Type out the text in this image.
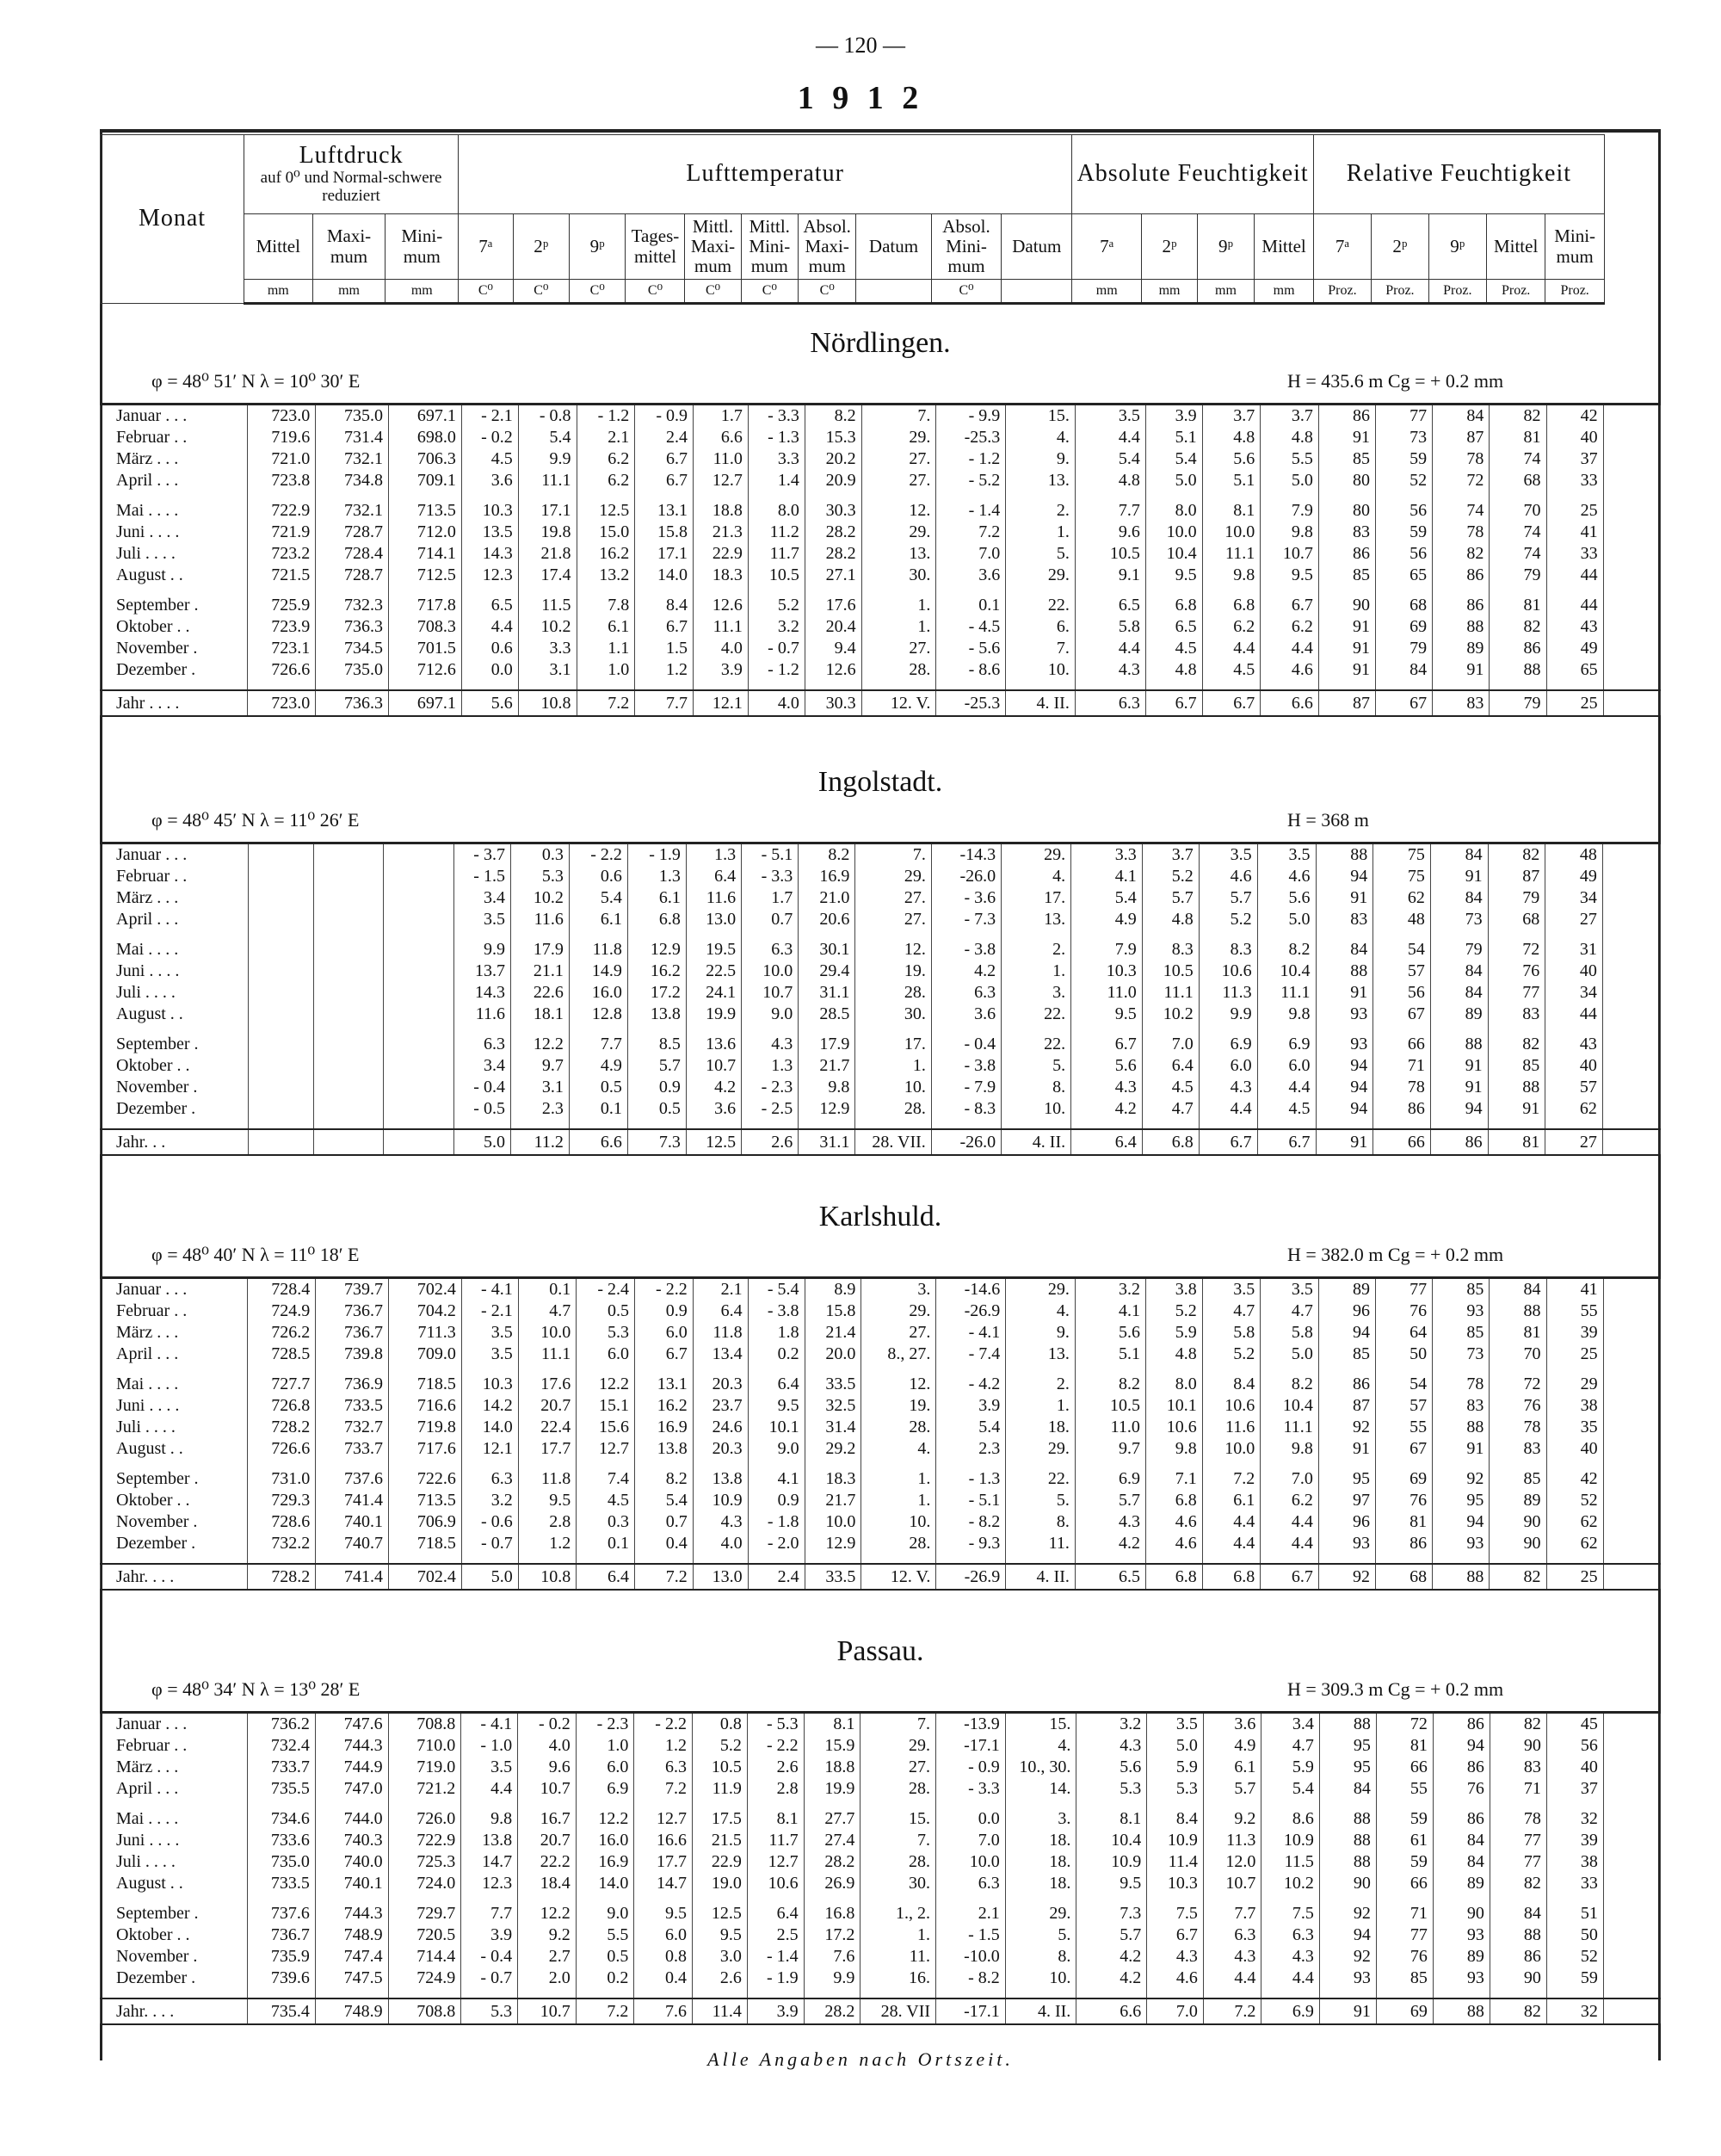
— 120 —
1 9 1 2
Monat	Luftdruck
auf 0⁰ und Normal-schwere reduziert			Lufttemperatur										Absolute Feuchtigkeit				Relative Feuchtigkeit				
	Mittel	Maxi-mum	Mini-mum	7ᵃ	2ᵖ	9ᵖ	Tages-mittel	Mittl. Maxi-mum	Mittl. Mini-mum	Absol. Maxi-mum	Datum	Absol. Mini-mum	Datum	7ᵃ	2ᵖ	9ᵖ	Mittel	7ᵃ	2ᵖ	9ᵖ	Mittel	Mini-mum
	mm	mm	mm	C⁰	C⁰	C⁰	C⁰	C⁰	C⁰	C⁰		C⁰		mm	mm	mm	mm	Proz.	Proz.	Proz.	Proz.	Proz.
Nördlingen.
φ = 48⁰ 51′ N λ = 10⁰ 30′ E	H = 435.6 m Cg = + 0.2 mm
Januar . . .	723.0	735.0	697.1	- 2.1	- 0.8	- 1.2	- 0.9	1.7	- 3.3	8.2	7.	- 9.9	15.	3.5	3.9	3.7	3.7	86	77	84	82	42	
Februar . .	719.6	731.4	698.0	- 0.2	5.4	2.1	2.4	6.6	- 1.3	15.3	29.	-25.3	4.	4.4	5.1	4.8	4.8	91	73	87	81	40	
März . . .	721.0	732.1	706.3	4.5	9.9	6.2	6.7	11.0	3.3	20.2	27.	- 1.2	9.	5.4	5.4	5.6	5.5	85	59	78	74	37	
April . . .	723.8	734.8	709.1	3.6	11.1	6.2	6.7	12.7	1.4	20.9	27.	- 5.2	13.	4.8	5.0	5.1	5.0	80	52	72	68	33	

Mai . . . .	722.9	732.1	713.5	10.3	17.1	12.5	13.1	18.8	8.0	30.3	12.	- 1.4	2.	7.7	8.0	8.1	7.9	80	56	74	70	25	
Juni . . . .	721.9	728.7	712.0	13.5	19.8	15.0	15.8	21.3	11.2	28.2	29.	7.2	1.	9.6	10.0	10.0	9.8	83	59	78	74	41	
Juli . . . .	723.2	728.4	714.1	14.3	21.8	16.2	17.1	22.9	11.7	28.2	13.	7.0	5.	10.5	10.4	11.1	10.7	86	56	82	74	33	
August . .	721.5	728.7	712.5	12.3	17.4	13.2	14.0	18.3	10.5	27.1	30.	3.6	29.	9.1	9.5	9.8	9.5	85	65	86	79	44	

September .	725.9	732.3	717.8	6.5	11.5	7.8	8.4	12.6	5.2	17.6	1.	0.1	22.	6.5	6.8	6.8	6.7	90	68	86	81	44	
Oktober . .	723.9	736.3	708.3	4.4	10.2	6.1	6.7	11.1	3.2	20.4	1.	- 4.5	6.	5.8	6.5	6.2	6.2	91	69	88	82	43	
November .	723.1	734.5	701.5	0.6	3.3	1.1	1.5	4.0	- 0.7	9.4	27.	- 5.6	7.	4.4	4.5	4.4	4.4	91	79	89	86	49	
Dezember .	726.6	735.0	712.6	0.0	3.1	1.0	1.2	3.9	- 1.2	12.6	28.	- 8.6	10.	4.3	4.8	4.5	4.6	91	84	91	88	65	

Jahr . . . .	723.0	736.3	697.1	5.6	10.8	7.2	7.7	12.1	4.0	30.3	12. V.	-25.3	4. II.	6.3	6.7	6.7	6.6	87	67	83	79	25	
Ingolstadt.
φ = 48⁰ 45′ N λ = 11⁰ 26′ E	H = 368 m
Januar . . .				- 3.7	0.3	- 2.2	- 1.9	1.3	- 5.1	8.2	7.	-14.3	29.	3.3	3.7	3.5	3.5	88	75	84	82	48	
Februar . .				- 1.5	5.3	0.6	1.3	6.4	- 3.3	16.9	29.	-26.0	4.	4.1	5.2	4.6	4.6	94	75	91	87	49	
März . . .				3.4	10.2	5.4	6.1	11.6	1.7	21.0	27.	- 3.6	17.	5.4	5.7	5.7	5.6	91	62	84	79	34	
April . . .				3.5	11.6	6.1	6.8	13.0	0.7	20.6	27.	- 7.3	13.	4.9	4.8	5.2	5.0	83	48	73	68	27	

Mai . . . .				9.9	17.9	11.8	12.9	19.5	6.3	30.1	12.	- 3.8	2.	7.9	8.3	8.3	8.2	84	54	79	72	31	
Juni . . . .				13.7	21.1	14.9	16.2	22.5	10.0	29.4	19.	4.2	1.	10.3	10.5	10.6	10.4	88	57	84	76	40	
Juli . . . .				14.3	22.6	16.0	17.2	24.1	10.7	31.1	28.	6.3	3.	11.0	11.1	11.3	11.1	91	56	84	77	34	
August . .				11.6	18.1	12.8	13.8	19.9	9.0	28.5	30.	3.6	22.	9.5	10.2	9.9	9.8	93	67	89	83	44	

September .				6.3	12.2	7.7	8.5	13.6	4.3	17.9	17.	- 0.4	22.	6.7	7.0	6.9	6.9	93	66	88	82	43	
Oktober . .				3.4	9.7	4.9	5.7	10.7	1.3	21.7	1.	- 3.8	5.	5.6	6.4	6.0	6.0	94	71	91	85	40	
November .				- 0.4	3.1	0.5	0.9	4.2	- 2.3	9.8	10.	- 7.9	8.	4.3	4.5	4.3	4.4	94	78	91	88	57	
Dezember .				- 0.5	2.3	0.1	0.5	3.6	- 2.5	12.9	28.	- 8.3	10.	4.2	4.7	4.4	4.5	94	86	94	91	62	

Jahr. . .				5.0	11.2	6.6	7.3	12.5	2.6	31.1	28. VII.	-26.0	4. II.	6.4	6.8	6.7	6.7	91	66	86	81	27	
Karlshuld.
φ = 48⁰ 40′ N λ = 11⁰ 18′ E	H = 382.0 m Cg = + 0.2 mm
Januar . . .	728.4	739.7	702.4	- 4.1	0.1	- 2.4	- 2.2	2.1	- 5.4	8.9	3.	-14.6	29.	3.2	3.8	3.5	3.5	89	77	85	84	41	
Februar . .	724.9	736.7	704.2	- 2.1	4.7	0.5	0.9	6.4	- 3.8	15.8	29.	-26.9	4.	4.1	5.2	4.7	4.7	96	76	93	88	55	
März . . .	726.2	736.7	711.3	3.5	10.0	5.3	6.0	11.8	1.8	21.4	27.	- 4.1	9.	5.6	5.9	5.8	5.8	94	64	85	81	39	
April . . .	728.5	739.8	709.0	3.5	11.1	6.0	6.7	13.4	0.2	20.0	8., 27.	- 7.4	13.	5.1	4.8	5.2	5.0	85	50	73	70	25	

Mai . . . .	727.7	736.9	718.5	10.3	17.6	12.2	13.1	20.3	6.4	33.5	12.	- 4.2	2.	8.2	8.0	8.4	8.2	86	54	78	72	29	
Juni . . . .	726.8	733.5	716.6	14.2	20.7	15.1	16.2	23.7	9.5	32.5	19.	3.9	1.	10.5	10.1	10.6	10.4	87	57	83	76	38	
Juli . . . .	728.2	732.7	719.8	14.0	22.4	15.6	16.9	24.6	10.1	31.4	28.	5.4	18.	11.0	10.6	11.6	11.1	92	55	88	78	35	
August . .	726.6	733.7	717.6	12.1	17.7	12.7	13.8	20.3	9.0	29.2	4.	2.3	29.	9.7	9.8	10.0	9.8	91	67	91	83	40	

September .	731.0	737.6	722.6	6.3	11.8	7.4	8.2	13.8	4.1	18.3	1.	- 1.3	22.	6.9	7.1	7.2	7.0	95	69	92	85	42	
Oktober . .	729.3	741.4	713.5	3.2	9.5	4.5	5.4	10.9	0.9	21.7	1.	- 5.1	5.	5.7	6.8	6.1	6.2	97	76	95	89	52	
November .	728.6	740.1	706.9	- 0.6	2.8	0.3	0.7	4.3	- 1.8	10.0	10.	- 8.2	8.	4.3	4.6	4.4	4.4	96	81	94	90	62	
Dezember .	732.2	740.7	718.5	- 0.7	1.2	0.1	0.4	4.0	- 2.0	12.9	28.	- 9.3	11.	4.2	4.6	4.4	4.4	93	86	93	90	62	

Jahr. . . .	728.2	741.4	702.4	5.0	10.8	6.4	7.2	13.0	2.4	33.5	12. V.	-26.9	4. II.	6.5	6.8	6.8	6.7	92	68	88	82	25	
Passau.
φ = 48⁰ 34′ N λ = 13⁰ 28′ E	H = 309.3 m Cg = + 0.2 mm
Januar . . .	736.2	747.6	708.8	- 4.1	- 0.2	- 2.3	- 2.2	0.8	- 5.3	8.1	7.	-13.9	15.	3.2	3.5	3.6	3.4	88	72	86	82	45	
Februar . .	732.4	744.3	710.0	- 1.0	4.0	1.0	1.2	5.2	- 2.2	15.9	29.	-17.1	4.	4.3	5.0	4.9	4.7	95	81	94	90	56	
März . . .	733.7	744.9	719.0	3.5	9.6	6.0	6.3	10.5	2.6	18.8	27.	- 0.9	10., 30.	5.6	5.9	6.1	5.9	95	66	86	83	40	
April . . .	735.5	747.0	721.2	4.4	10.7	6.9	7.2	11.9	2.8	19.9	28.	- 3.3	14.	5.3	5.3	5.7	5.4	84	55	76	71	37	

Mai . . . .	734.6	744.0	726.0	9.8	16.7	12.2	12.7	17.5	8.1	27.7	15.	0.0	3.	8.1	8.4	9.2	8.6	88	59	86	78	32	
Juni . . . .	733.6	740.3	722.9	13.8	20.7	16.0	16.6	21.5	11.7	27.4	7.	7.0	18.	10.4	10.9	11.3	10.9	88	61	84	77	39	
Juli . . . .	735.0	740.0	725.3	14.7	22.2	16.9	17.7	22.9	12.7	28.2	28.	10.0	18.	10.9	11.4	12.0	11.5	88	59	84	77	38	
August . .	733.5	740.1	724.0	12.3	18.4	14.0	14.7	19.0	10.6	26.9	30.	6.3	18.	9.5	10.3	10.7	10.2	90	66	89	82	33	

September .	737.6	744.3	729.7	7.7	12.2	9.0	9.5	12.5	6.4	16.8	1., 2.	2.1	29.	7.3	7.5	7.7	7.5	92	71	90	84	51	
Oktober . .	736.7	748.9	720.5	3.9	9.2	5.5	6.0	9.5	2.5	17.2	1.	- 1.5	5.	5.7	6.7	6.3	6.3	94	77	93	88	50	
November .	735.9	747.4	714.4	- 0.4	2.7	0.5	0.8	3.0	- 1.4	7.6	11.	-10.0	8.	4.2	4.3	4.3	4.3	92	76	89	86	52	
Dezember .	739.6	747.5	724.9	- 0.7	2.0	0.2	0.4	2.6	- 1.9	9.9	16.	- 8.2	10.	4.2	4.6	4.4	4.4	93	85	93	90	59	

Jahr. . . .	735.4	748.9	708.8	5.3	10.7	7.2	7.6	11.4	3.9	28.2	28. VII	-17.1	4. II.	6.6	7.0	7.2	6.9	91	69	88	82	32	
Alle Angaben nach Ortszeit.
